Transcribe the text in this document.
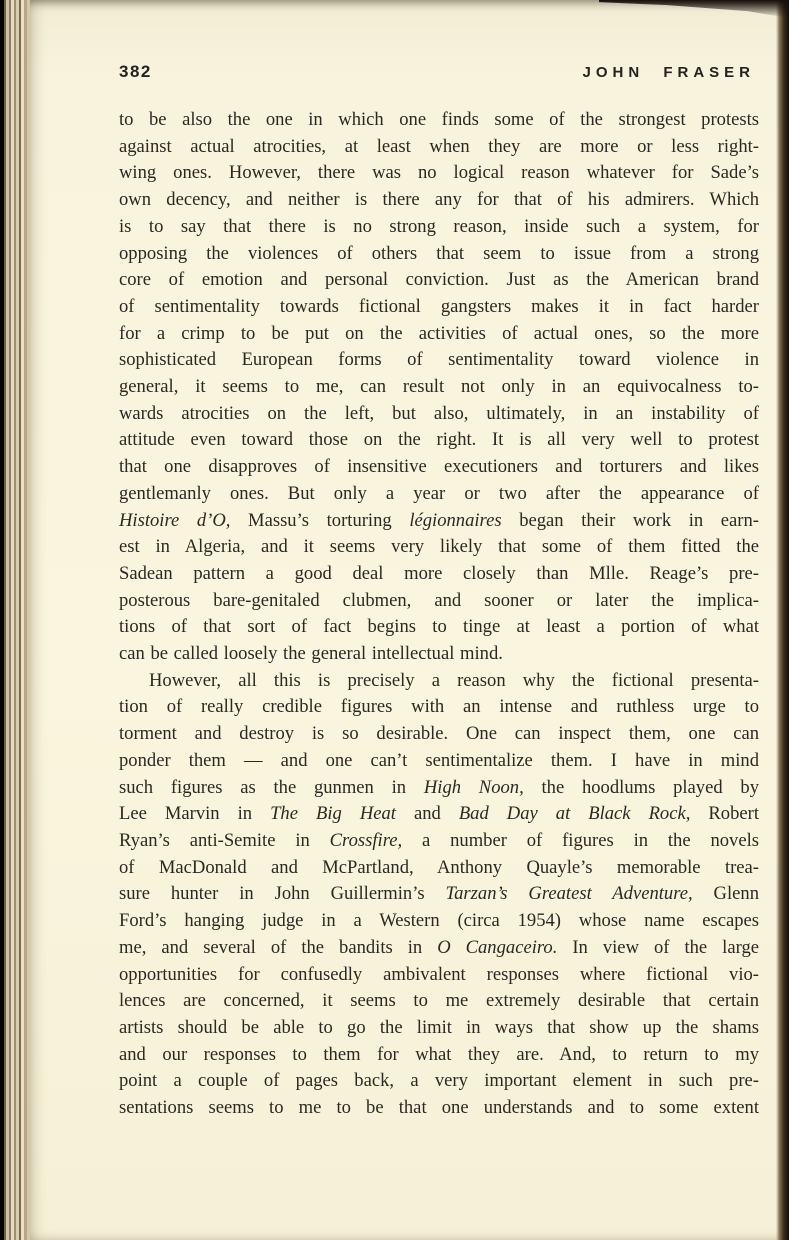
382	JOHN FRASER
to be also the one in which one finds some of the strongest protests
against actual atrocities, at least when they are more or less right-
wing ones. However, there was no logical reason whatever for Sade’s
own decency, and neither is there any for that of his admirers. Which
is to say that there is no strong reason, inside such a system, for
opposing the violences of others that seem to issue from a strong
core of emotion and personal conviction. Just as the American brand
of sentimentality towards fictional gangsters makes it in fact harder
for a crimp to be put on the activities of actual ones, so the more
sophisticated European forms of sentimentality toward violence in
general, it seems to me, can result not only in an equivocalness to-
wards atrocities on the left, but also, ultimately, in an instability of
attitude even toward those on the right. It is all very well to protest
that one disapproves of insensitive executioners and torturers and likes
gentlemanly ones. But only a year or two after the appearance of
Histoire d’O, Massu’s torturing légionnaires began their work in earn-
est in Algeria, and it seems very likely that some of them fitted the
Sadean pattern a good deal more closely than Mlle. Reage’s pre-
posterous bare-genitaled clubmen, and sooner or later the implica-
tions of that sort of fact begins to tinge at least a portion of what
can be called loosely the general intellectual mind.
However, all this is precisely a reason why the fictional presenta-
tion of really credible figures with an intense and ruthless urge to
torment and destroy is so desirable. One can inspect them, one can
ponder them — and one can’t sentimentalize them. I have in mind
such figures as the gunmen in High Noon, the hoodlums played by
Lee Marvin in The Big Heat and Bad Day at Black Rock, Robert
Ryan’s anti-Semite in Crossfire, a number of figures in the novels
of MacDonald and McPartland, Anthony Quayle’s memorable trea-
sure hunter in John Guillermin’s Tarzan’s Greatest Adventure, Glenn
Ford’s hanging judge in a Western (circa 1954) whose name escapes
me, and several of the bandits in O Cangaceiro. In view of the large
opportunities for confusedly ambivalent responses where fictional vio-
lences are concerned, it seems to me extremely desirable that certain
artists should be able to go the limit in ways that show up the shams
and our responses to them for what they are. And, to return to my
point a couple of pages back, a very important element in such pre-
sentations seems to me to be that one understands and to some extent
